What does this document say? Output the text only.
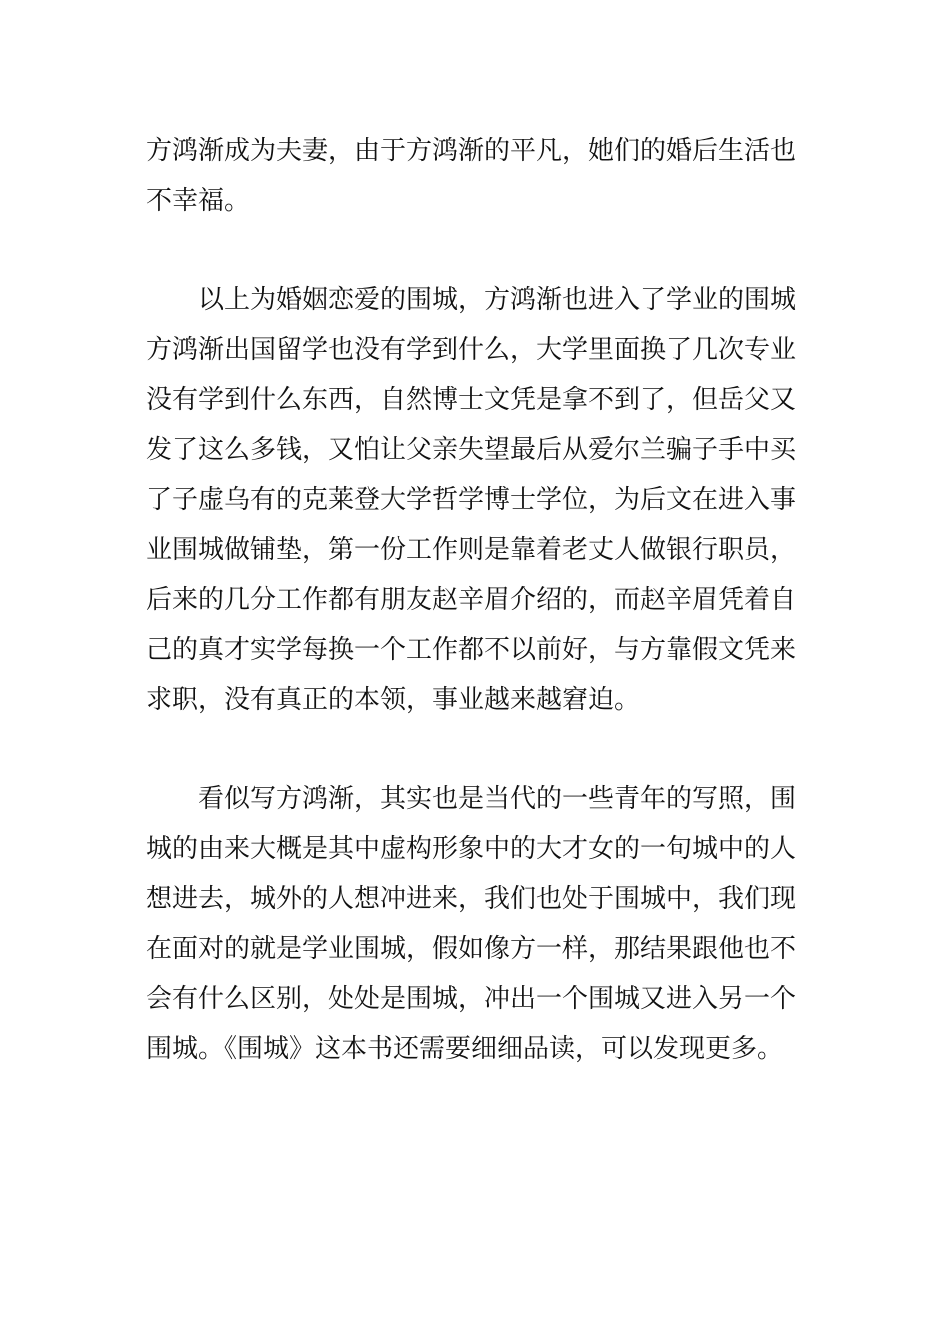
方鸿渐成为夫妻，由于方鸿渐的平凡，她们的婚后生活也
不幸福。
以上为婚姻恋爱的围城，方鸿渐也进入了学业的围城
方鸿渐出国留学也没有学到什么，大学里面换了几次专业
没有学到什么东西，自然博士文凭是拿不到了，但岳父又
发了这么多钱，又怕让父亲失望最后从爱尔兰骗子手中买
了子虚乌有的克莱登大学哲学博士学位，为后文在进入事
业围城做铺垫，第一份工作则是靠着老丈人做银行职员，
后来的几分工作都有朋友赵辛眉介绍的，而赵辛眉凭着自
己的真才实学每换一个工作都不以前好，与方靠假文凭来
求职，没有真正的本领，事业越来越窘迫。
看似写方鸿渐，其实也是当代的一些青年的写照，围
城的由来大概是其中虚构形象中的大才女的一句城中的人
想进去，城外的人想冲进来，我们也处于围城中，我们现
在面对的就是学业围城，假如像方一样，那结果跟他也不
会有什么区别，处处是围城，冲出一个围城又进入另一个
围城。《围城》这本书还需要细细品读，可以发现更多。
